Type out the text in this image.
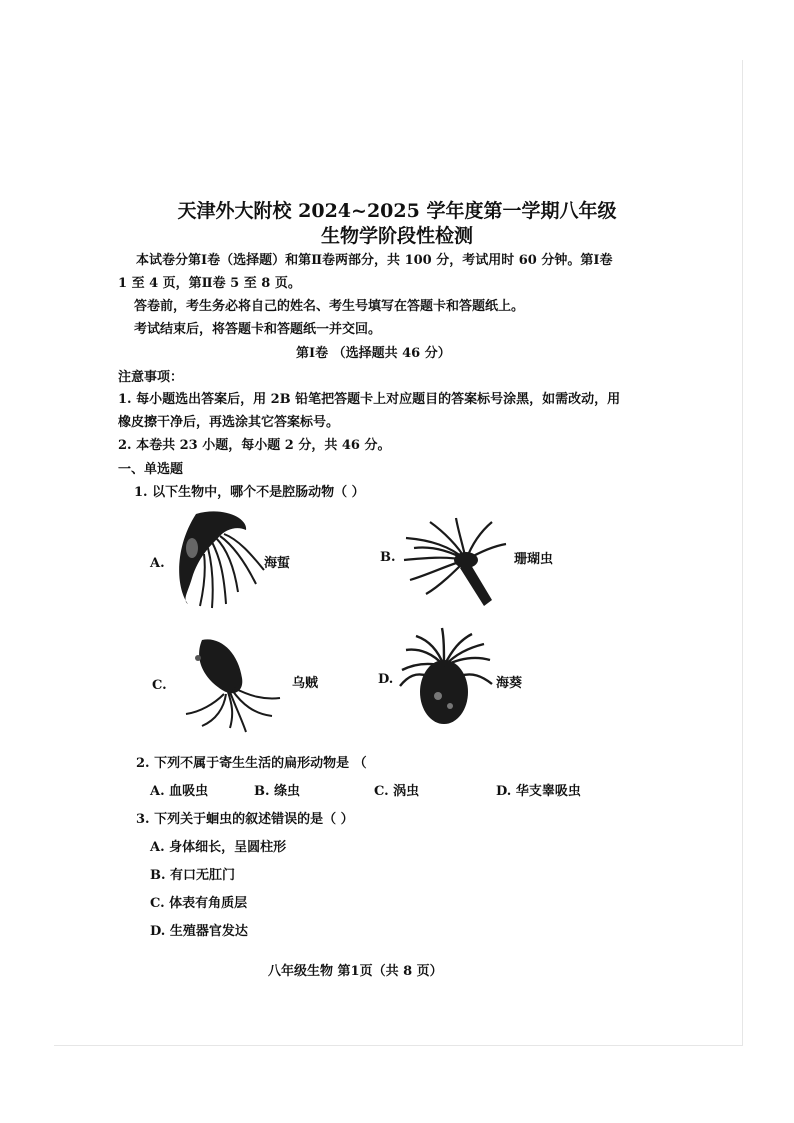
天津外大附校 2024~2025 学年度第一学期八年级
生物学阶段性检测
本试卷分第Ⅰ卷（选择题）和第Ⅱ卷两部分，共 100 分，考试用时 60 分钟。第Ⅰ卷
1 至 4 页，第Ⅱ卷 5 至 8 页。
答卷前，考生务必将自己的姓名、考生号填写在答题卡和答题纸上。
考试结束后，将答题卡和答题纸一并交回。
第Ⅰ卷 （选择题共 46 分）
注意事项：
1. 每小题选出答案后，用 2B 铅笔把答题卡上对应题目的答案标号涂黑，如需改动，用
橡皮擦干净后，再选涂其它答案标号。
2. 本卷共 23 小题，每小题 2 分，共 46 分。
一、单选题
1. 以下生物中，哪个不是腔肠动物（ ）
A.	海蜇	B.	珊瑚虫
C.	乌贼	D.	海葵
2. 下列不属于寄生生活的扁形动物是 （
A. 血吸虫	B. 绦虫	C. 涡虫	D. 华支睾吸虫
3. 下列关于蛔虫的叙述错误的是（ ）
A. 身体细长，呈圆柱形
B. 有口无肛门
C. 体表有角质层
D. 生殖器官发达
八年级生物 第1页（共 8 页）
